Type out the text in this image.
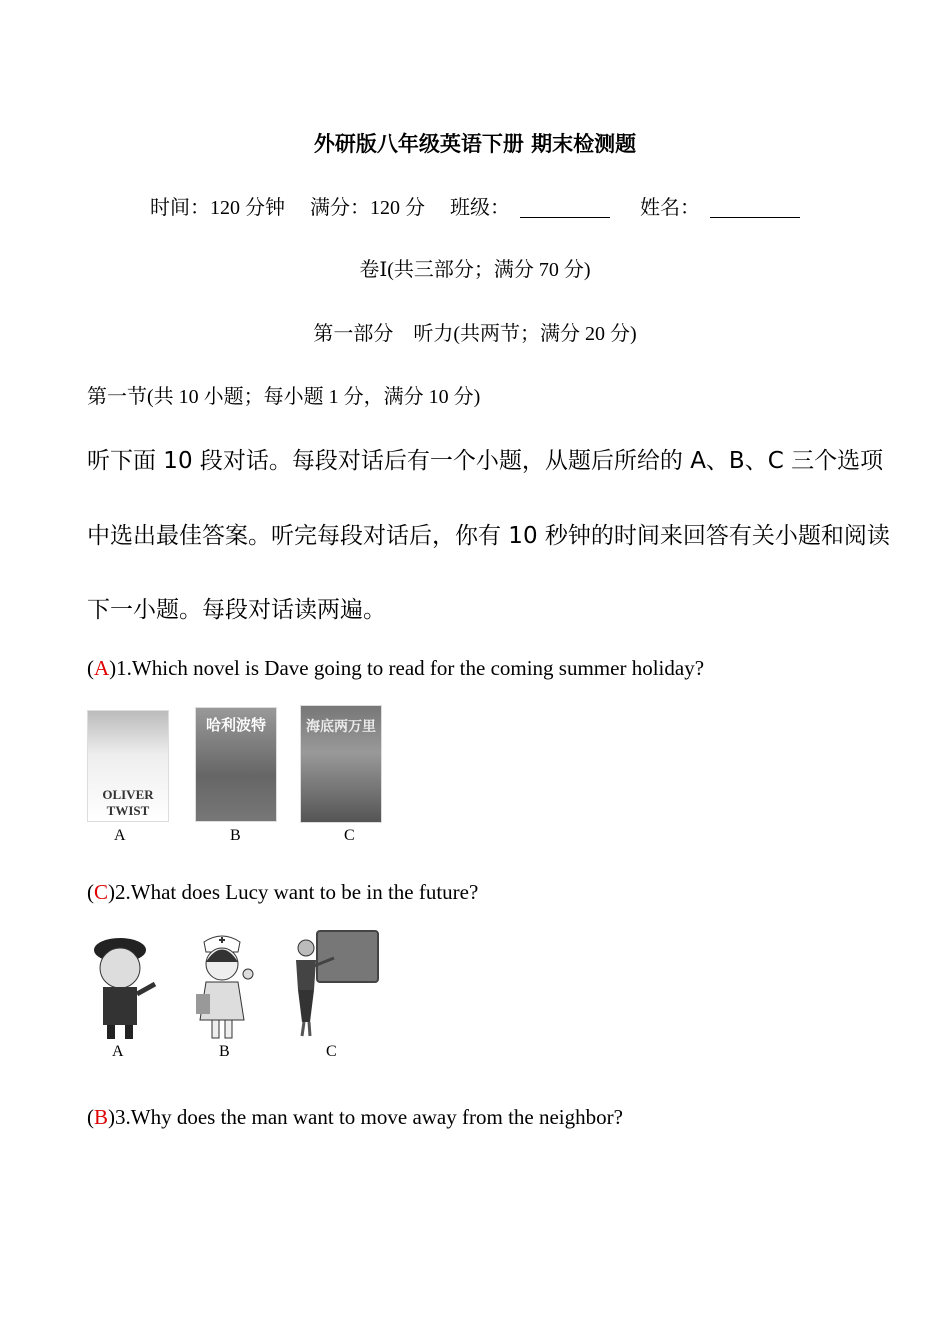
外研版八年级英语下册 期末检测题
时间：120 分钟 满分：120 分 班级：	姓名：
卷Ⅰ(共三部分；满分 70 分)
第一部分　听力(共两节；满分 20 分)
第一节(共 10 小题；每小题 1 分，满分 10 分)
听下面 10 段对话。每段对话后有一个小题，从题后所给的 A、B、C 三个选项
中选出最佳答案。听完每段对话后，你有 10 秒钟的时间来回答有关小题和阅读
下一小题。每段对话读两遍。
(A)1.Which novel is Dave going to read for the coming summer holiday?
OLIVER TWIST
哈利波特	海底两万里
A	B	C
(C)2.What does Lucy want to be in the future?
A	B	C
(B)3.Why does the man want to move away from the neighbor?
